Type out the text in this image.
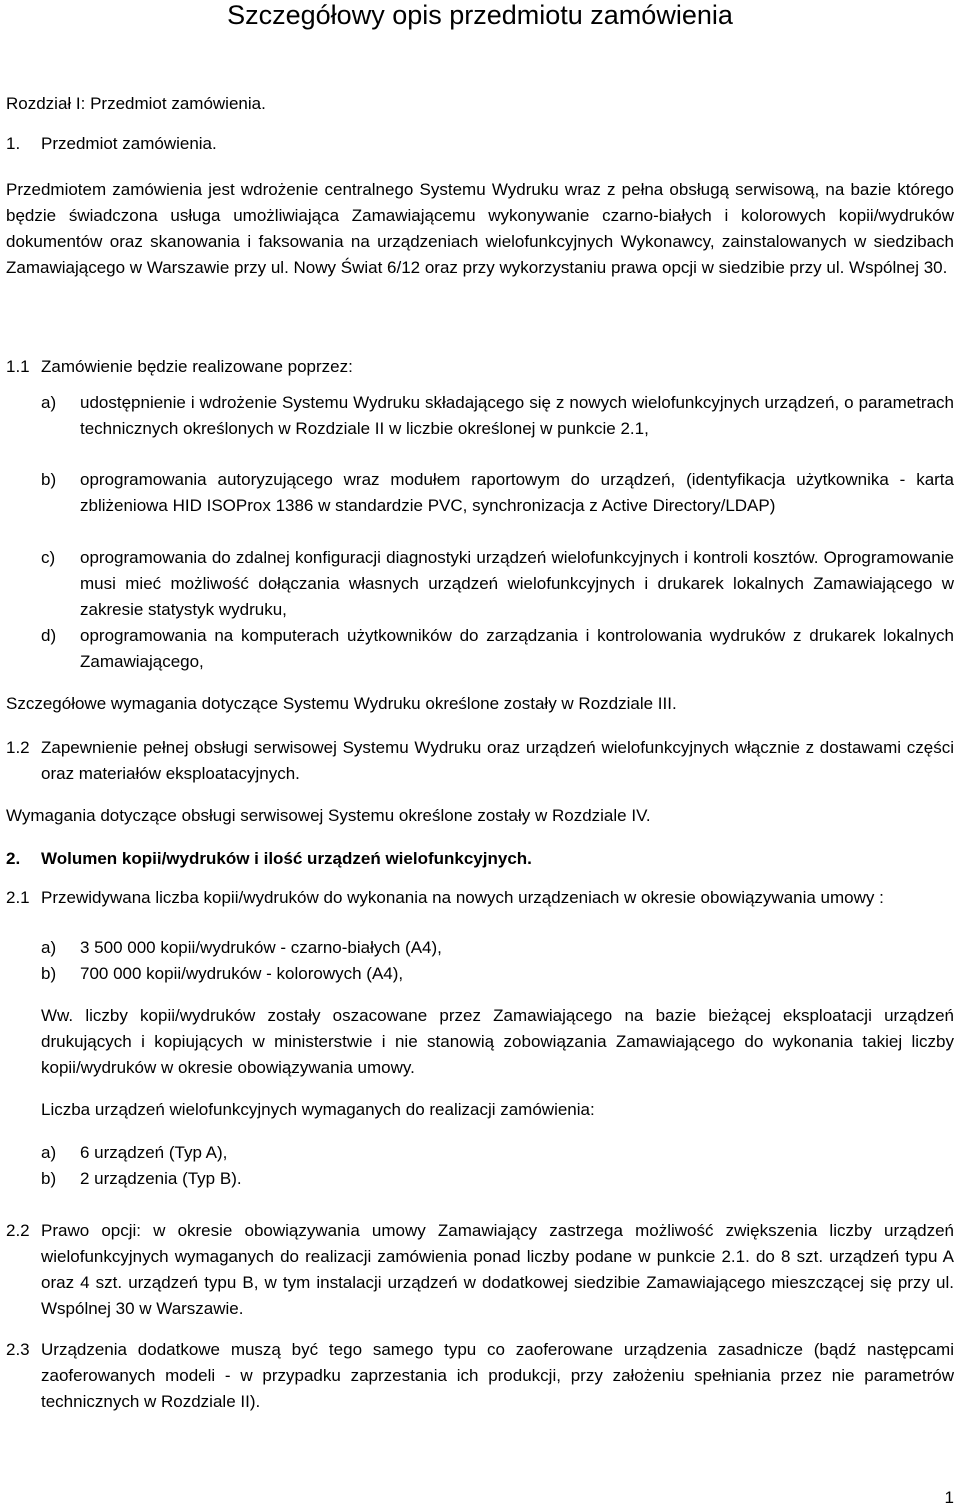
Szczegółowy opis przedmiotu zamówienia

Rozdział I: Przedmiot zamówienia.

1. Przedmiot zamówienia.

Przedmiotem zamówienia jest wdrożenie centralnego Systemu Wydruku wraz z pełna obsługą serwisową, na bazie którego będzie świadczona usługa umożliwiająca Zamawiającemu wykonywanie czarno-białych i kolorowych kopii/wydruków dokumentów oraz skanowania i faksowania na urządzeniach wielofunkcyjnych Wykonawcy, zainstalowanych w siedzibach Zamawiającego w Warszawie przy ul. Nowy Świat 6/12 oraz przy wykorzystaniu prawa opcji w siedzibie przy ul. Wspólnej 30.

1.1 Zamówienie będzie realizowane poprzez:
a) udostępnienie i wdrożenie Systemu Wydruku składającego się z nowych wielofunkcyjnych urządzeń, o parametrach technicznych określonych w Rozdziale II w liczbie określonej w punkcie 2.1,

b) oprogramowania autoryzującego wraz modułem raportowym do urządzeń, (identyfikacja użytkownika - karta zbliżeniowa HID ISOProx 1386 w standardzie PVC, synchronizacja z Active Directory/LDAP)

c) oprogramowania do zdalnej konfiguracji diagnostyki urządzeń wielofunkcyjnych i kontroli kosztów. Oprogramowanie musi mieć możliwość dołączania własnych urządzeń wielofunkcyjnych i drukarek lokalnych Zamawiającego w zakresie statystyk wydruku,

d) oprogramowania na komputerach użytkowników do zarządzania i kontrolowania wydruków z drukarek lokalnych Zamawiającego,

Szczegółowe wymagania dotyczące Systemu Wydruku określone zostały w Rozdziale III.

1.2 Zapewnienie pełnej obsługi serwisowej Systemu Wydruku oraz urządzeń wielofunkcyjnych włącznie z dostawami części oraz materiałów eksploatacyjnych.

Wymagania dotyczące obsługi serwisowej Systemu określone zostały w Rozdziale IV.

2. Wolumen kopii/wydruków i ilość urządzeń wielofunkcyjnych.
2.1 Przewidywana liczba kopii/wydruków do wykonania na nowych urządzeniach w okresie obowiązywania umowy :

a) 3 500 000 kopii/wydruków - czarno-białych (A4),

b) 700 000 kopii/wydruków - kolorowych (A4),

Ww. liczby kopii/wydruków zostały oszacowane przez Zamawiającego na bazie bieżącej eksploatacji urządzeń drukujących i kopiujących w ministerstwie i nie stanowią zobowiązania Zamawiającego do wykonania takiej liczby kopii/wydruków w okresie obowiązywania umowy.

Liczba urządzeń wielofunkcyjnych wymaganych do realizacji zamówienia:

a) 6 urządzeń (Typ A),

b) 2 urządzenia (Typ B).

2.2 Prawo opcji: w okresie obowiązywania umowy Zamawiający zastrzega możliwość zwiększenia liczby urządzeń wielofunkcyjnych wymaganych do realizacji zamówienia ponad liczby podane w punkcie 2.1. do 8 szt. urządzeń typu A oraz 4 szt. urządzeń typu B, w tym instalacji urządzeń w dodatkowej siedzibie Zamawiającego mieszczącej się przy ul. Wspólnej 30 w Warszawie.

2.3 Urządzenia dodatkowe muszą być tego samego typu co zaoferowane urządzenia zasadnicze (bądź następcami zaoferowanych modeli - w przypadku zaprzestania ich produkcji, przy założeniu spełniania przez nie parametrów technicznych w Rozdziale II).

1
